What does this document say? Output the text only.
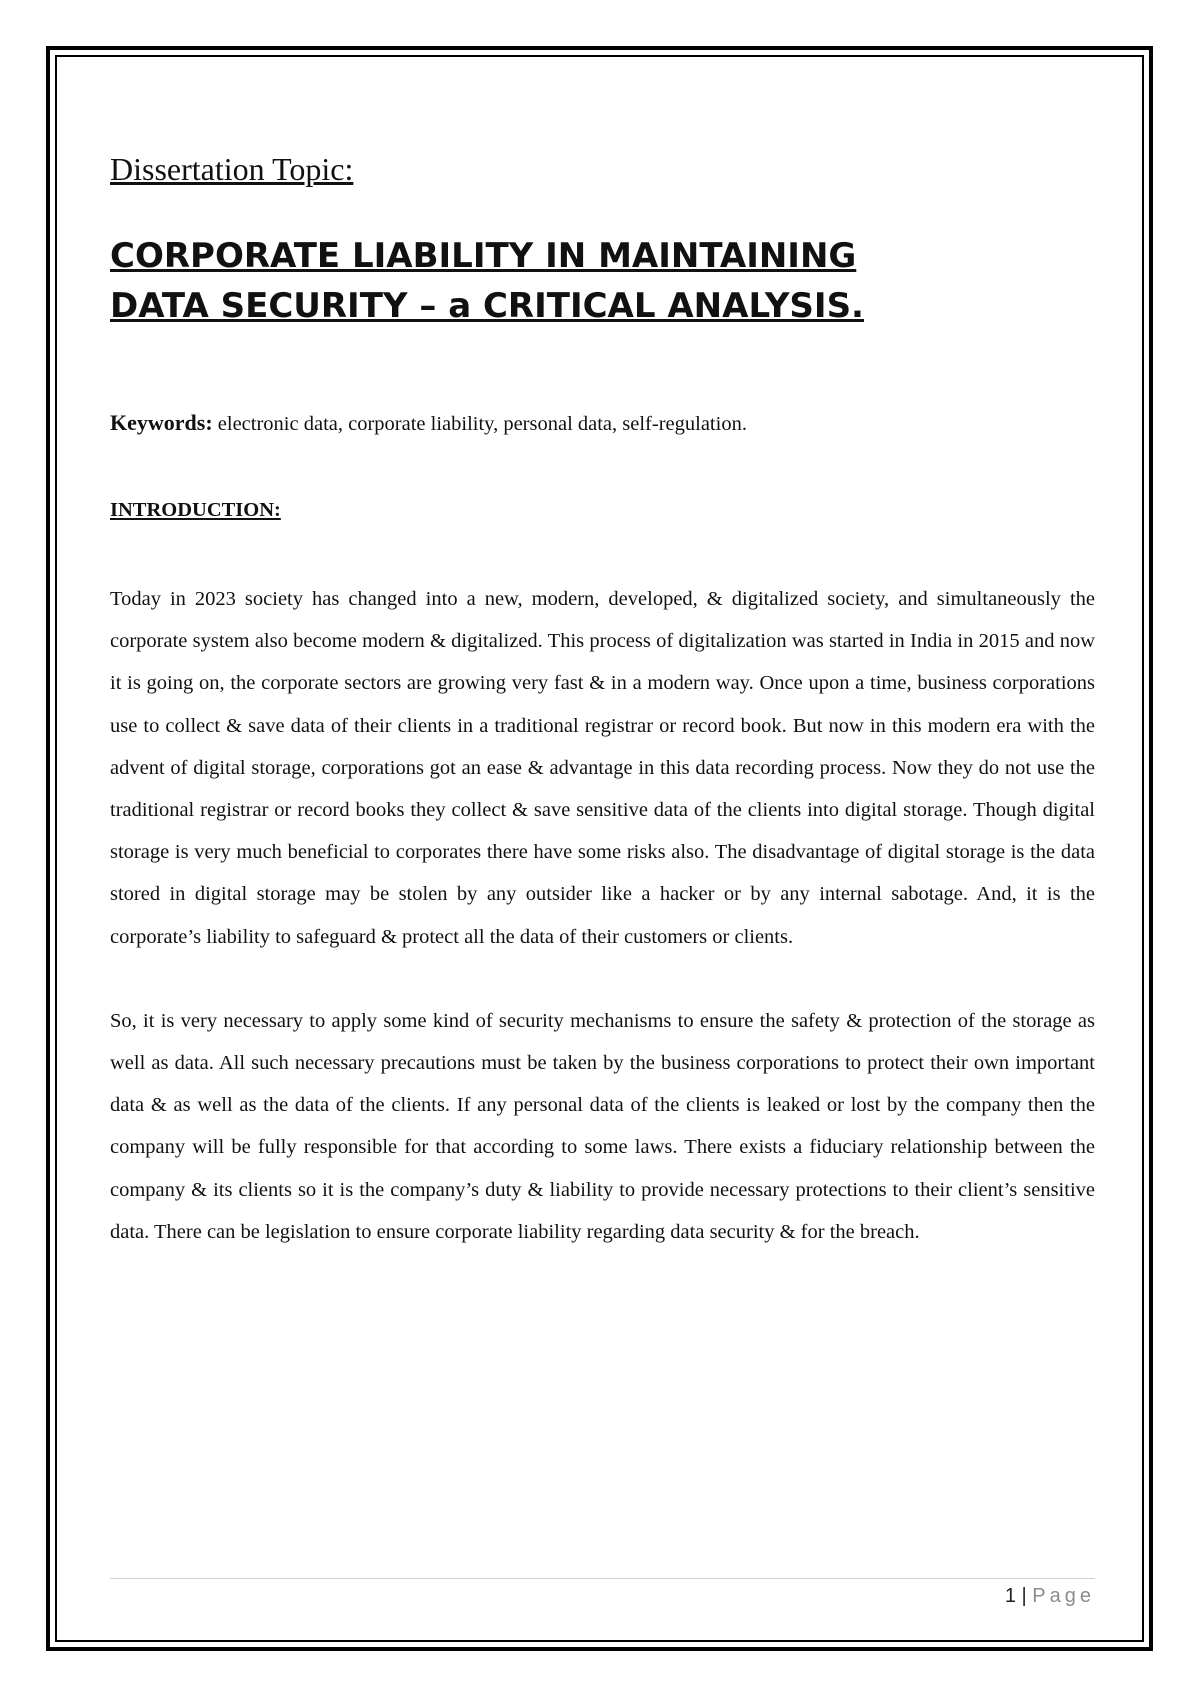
Dissertation Topic:

CORPORATE LIABILITY IN MAINTAINING
DATA SECURITY – a CRITICAL ANALYSIS.

Keywords: electronic data, corporate liability, personal data, self-regulation.

INTRODUCTION:

Today in 2023 society has changed into a new, modern, developed, & digitalized society, and simultaneously the corporate system also become modern & digitalized. This process of digitalization was started in India in 2015 and now it is going on, the corporate sectors are growing very fast & in a modern way. Once upon a time, business corporations use to collect & save data of their clients in a traditional registrar or record book. But now in this modern era with the advent of digital storage, corporations got an ease & advantage in this data recording process. Now they do not use the traditional registrar or record books they collect & save sensitive data of the clients into digital storage. Though digital storage is very much beneficial to corporates there have some risks also. The disadvantage of digital storage is the data stored in digital storage may be stolen by any outsider like a hacker or by any internal sabotage. And, it is the corporate’s liability to safeguard & protect all the data of their customers or clients.

So, it is very necessary to apply some kind of security mechanisms to ensure the safety & protection of the storage as well as data. All such necessary precautions must be taken by the business corporations to protect their own important data & as well as the data of the clients. If any personal data of the clients is leaked or lost by the company then the company will be fully responsible for that according to some laws. There exists a fiduciary relationship between the company & its clients so it is the company’s duty & liability to provide necessary protections to their client’s sensitive data. There can be legislation to ensure corporate liability regarding data security & for the breach.

1 | Page
